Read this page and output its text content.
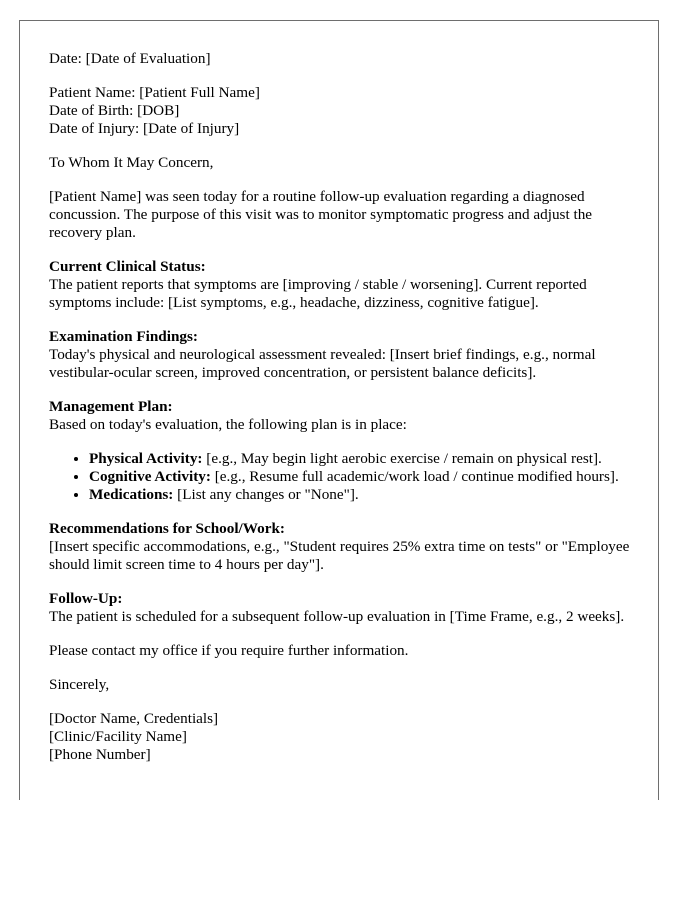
Date: [Date of Evaluation]

Patient Name: [Patient Full Name]
Date of Birth: [DOB]
Date of Injury: [Date of Injury]

To Whom It May Concern,

[Patient Name] was seen today for a routine follow-up evaluation regarding a diagnosed concussion. The purpose of this visit was to monitor symptomatic progress and adjust the recovery plan.

Current Clinical Status:
The patient reports that symptoms are [improving / stable / worsening]. Current reported symptoms include: [List symptoms, e.g., headache, dizziness, cognitive fatigue].

Examination Findings:
Today's physical and neurological assessment revealed: [Insert brief findings, e.g., normal vestibular-ocular screen, improved concentration, or persistent balance deficits].

Management Plan:
Based on today's evaluation, the following plan is in place:

• Physical Activity: [e.g., May begin light aerobic exercise / remain on physical rest].
• Cognitive Activity: [e.g., Resume full academic/work load / continue modified hours].
• Medications: [List any changes or "None"].

Recommendations for School/Work:
[Insert specific accommodations, e.g., "Student requires 25% extra time on tests" or "Employee should limit screen time to 4 hours per day"].

Follow-Up:
The patient is scheduled for a subsequent follow-up evaluation in [Time Frame, e.g., 2 weeks].

Please contact my office if you require further information.

Sincerely,

[Doctor Name, Credentials]
[Clinic/Facility Name]
[Phone Number]
